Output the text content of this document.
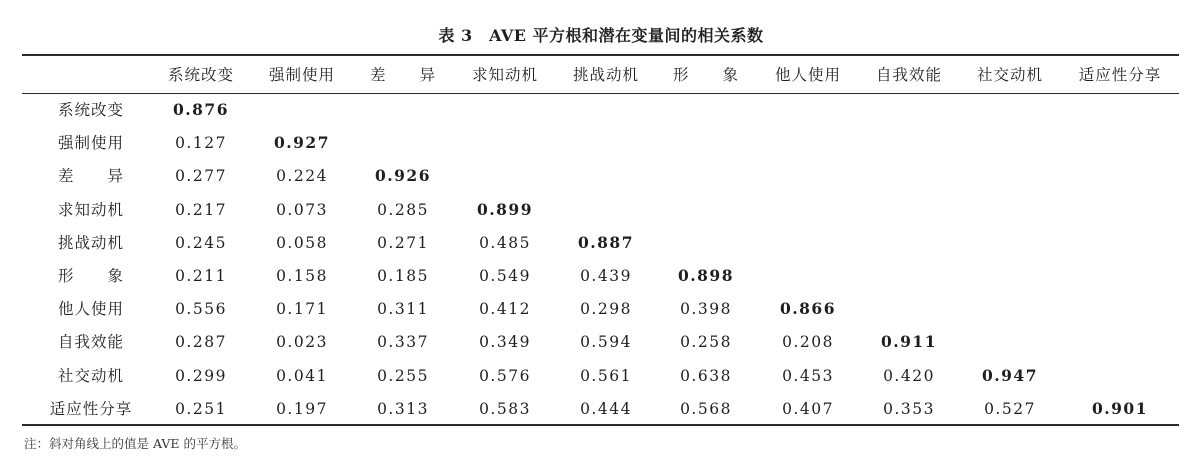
表 3　AVE 平方根和潜在变量间的相关系数
系统改变	强制使用	差　　异	求知动机	挑战动机	形　　象	他人使用	自我效能	社交动机	适应性分享
系统改变	0.876
强制使用	0.127	0.927
差　　异	0.277	0.224	0.926
求知动机	0.217	0.073	0.285	0.899
挑战动机	0.245	0.058	0.271	0.485	0.887
形　　象	0.211	0.158	0.185	0.549	0.439	0.898
他人使用	0.556	0.171	0.311	0.412	0.298	0.398	0.866
自我效能	0.287	0.023	0.337	0.349	0.594	0.258	0.208	0.911
社交动机	0.299	0.041	0.255	0.576	0.561	0.638	0.453	0.420	0.947
适应性分享	0.251	0.197	0.313	0.583	0.444	0.568	0.407	0.353	0.527	0.901
注：斜对角线上的值是 AVE 的平方根。
